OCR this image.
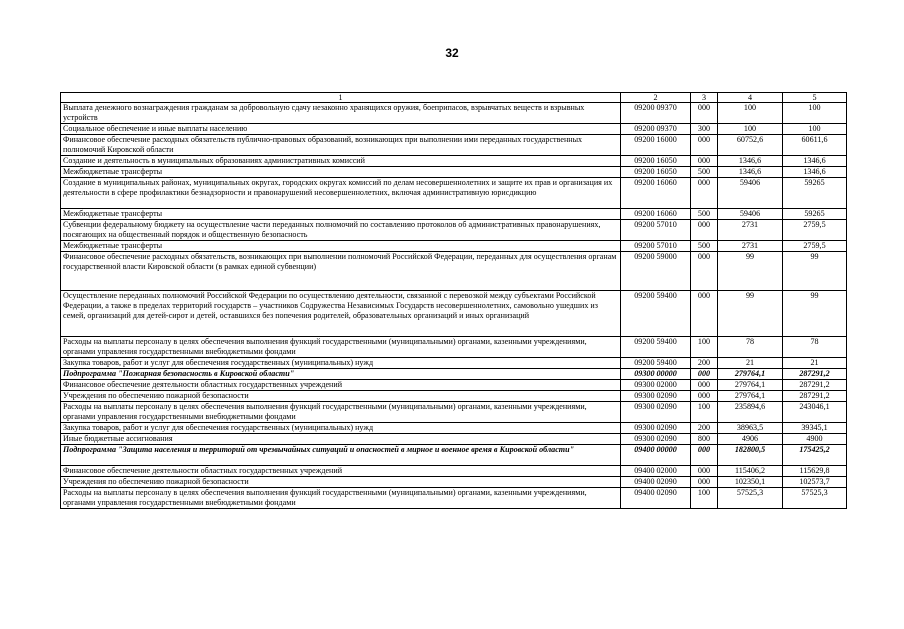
32
1	2	3	4	5
Выплата денежного вознаграждения гражданам за добровольную сдачу незаконно хранящихся оружия, боеприпасов, взрывчатых веществ и взрывных устройств	09200 09370	000	100	100
Социальное обеспечение и иные выплаты населению	09200 09370	300	100	100
Финансовое обеспечение расходных обязательств публично-правовых образований, возникающих при выполнении ими переданных государственных полномочий Кировской области	09200 16000	000	60752,6	60611,6
Создание и деятельность в муниципальных образованиях административных комиссий	09200 16050	000	1346,6	1346,6
Межбюджетные трансферты	09200 16050	500	1346,6	1346,6
Создание в муниципальных районах, муниципальных округах, городских округах комиссий по делам несовершеннолетних и защите их прав и организация их деятельности в сфере профилактики безнадзорности и правонарушений несовершеннолетних, включая административную юрисдикцию	09200 16060	000	59406	59265
Межбюджетные трансферты	09200 16060	500	59406	59265
Субвенции федеральному бюджету на осуществление части переданных полномочий по составлению протоколов об административных правонарушениях, посягающих на общественный порядок и общественную безопасность	09200 57010	000	2731	2759,5
Межбюджетные трансферты	09200 57010	500	2731	2759,5
Финансовое обеспечение расходных обязательств, возникающих при выполнении полномочий Российской Федерации, переданных для осуществления органам государственной власти Кировской области (в рамках единой субвенции)	09200 59000	000	99	99
Осуществление переданных полномочий Российской Федерации по осуществлению деятельности, связанной с перевозкой между субъектами Российской Федерации, а также в пределах территорий государств – участников Содружества Независимых Государств несовершеннолетних, самовольно ушедших из семей, организаций для детей-сирот и детей, оставшихся без попечения родителей, образовательных организаций и иных организаций	09200 59400	000	99	99
Расходы на выплаты персоналу в целях обеспечения выполнения функций государственными (муниципальными) органами, казенными учреждениями, органами управления государственными внебюджетными фондами	09200 59400	100	78	78
Закупка товаров, работ и услуг для обеспечения государственных (муниципальных) нужд	09200 59400	200	21	21
Подпрограмма "Пожарная безопасность в Кировской области"	09300 00000	000	279764,1	287291,2
Финансовое обеспечение деятельности областных государственных учреждений	09300 02000	000	279764,1	287291,2
Учреждения по обеспечению пожарной безопасности	09300 02090	000	279764,1	287291,2
Расходы на выплаты персоналу в целях обеспечения выполнения функций государственными (муниципальными) органами, казенными учреждениями, органами управления государственными внебюджетными фондами	09300 02090	100	235894,6	243046,1
Закупка товаров, работ и услуг для обеспечения государственных (муниципальных) нужд	09300 02090	200	38963,5	39345,1
Иные бюджетные ассигнования	09300 02090	800	4906	4900
Подпрограмма "Защита населения и территорий от чрезвычайных ситуаций и опасностей в мирное и военное время в Кировской области"	09400 00000	000	182800,5	175425,2
Финансовое обеспечение деятельности областных государственных учреждений	09400 02000	000	115406,2	115629,8
Учреждения по обеспечению пожарной безопасности	09400 02090	000	102350,1	102573,7
Расходы на выплаты персоналу в целях обеспечения выполнения функций государственными (муниципальными) органами, казенными учреждениями, органами управления государственными внебюджетными фондами	09400 02090	100	57525,3	57525,3
